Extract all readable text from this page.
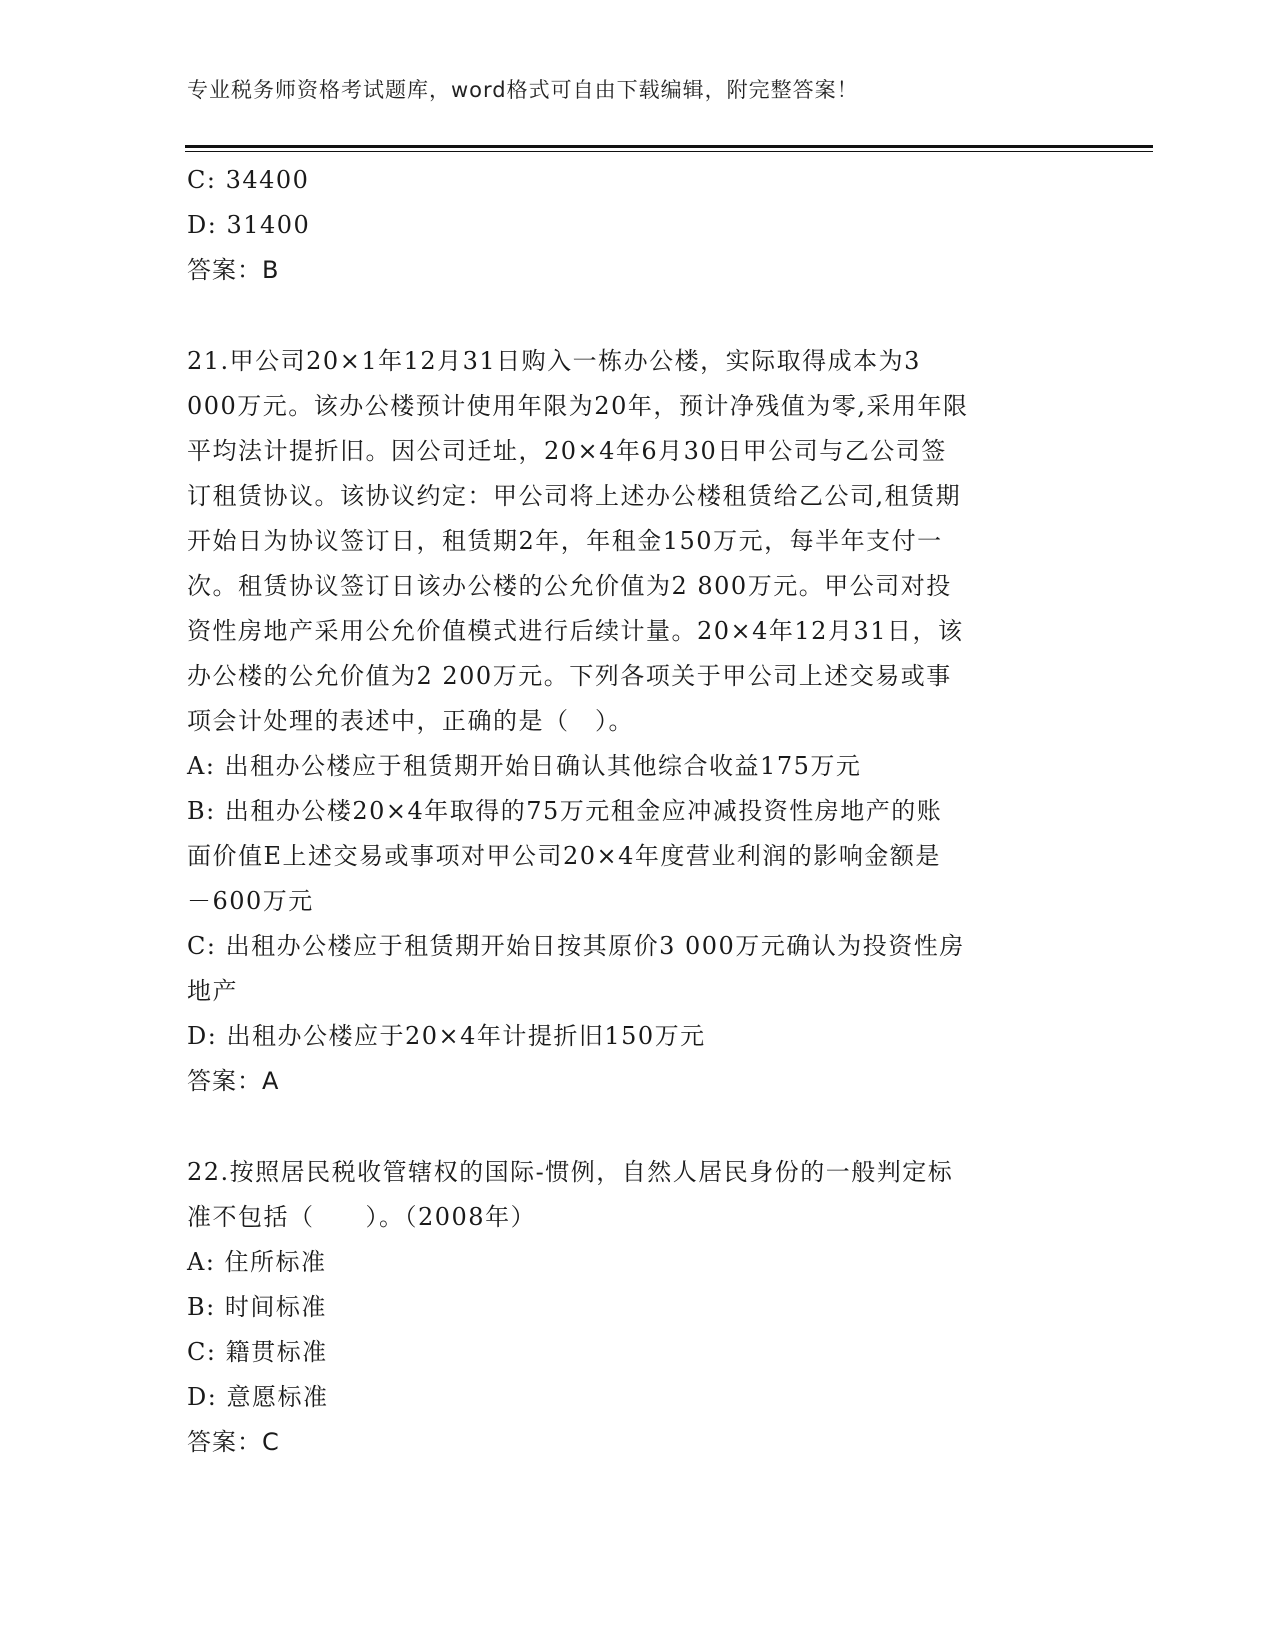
专业税务师资格考试题库，word格式可自由下载编辑，附完整答案！
C: 34400
D: 31400
答案：B
21.甲公司20×1年12月31日购入一栋办公楼，实际取得成本为3
000万元。该办公楼预计使用年限为20年，预计净残值为零,采用年限
平均法计提折旧。因公司迁址，20×4年6月30日甲公司与乙公司签
订租赁协议。该协议约定：甲公司将上述办公楼租赁给乙公司,租赁期
开始日为协议签订日，租赁期2年，年租金150万元，每半年支付一
次。租赁协议签订日该办公楼的公允价值为2 800万元。甲公司对投
资性房地产采用公允价值模式进行后续计量。20×4年12月31日，该
办公楼的公允价值为2 200万元。下列各项关于甲公司上述交易或事
项会计处理的表述中，正确的是（　）。
A: 出租办公楼应于租赁期开始日确认其他综合收益175万元
B: 出租办公楼20×4年取得的75万元租金应冲减投资性房地产的账
面价值E上述交易或事项对甲公司20×4年度营业利润的影响金额是
－600万元
C: 出租办公楼应于租赁期开始日按其原价3 000万元确认为投资性房
地产
D: 出租办公楼应于20×4年计提折旧150万元
答案：A
22.按照居民税收管辖权的国际-惯例，自然人居民身份的一般判定标
准不包括（　　）。（2008年）
A: 住所标准
B: 时间标准
C: 籍贯标准
D: 意愿标准
答案：C
